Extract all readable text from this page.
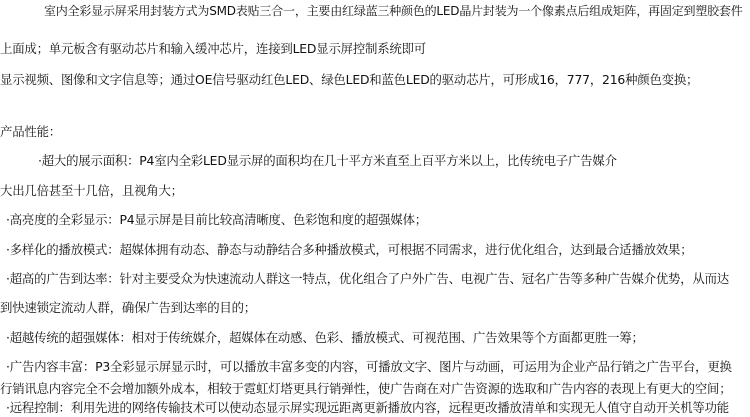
室内全彩显示屏采用封装方式为SMD表贴三合一，主要由红绿蓝三种颜色的LED晶片封装为一个像素点后组成矩阵，再固定到塑胶套件
上面成；单元板含有驱动芯片和输入缓冲芯片，连接到LED显示屏控制系统即可
显示视频、图像和文字信息等；通过OE信号驱动红色LED、绿色LED和蓝色LED的驱动芯片，可形成16，777，216种颜色变换；
产品性能：
·超大的展示面积：P4室内全彩LED显示屏的面积均在几十平方米直至上百平方米以上，比传统电子广告媒介
大出几倍甚至十几倍，且视角大；
·高亮度的全彩显示：P4显示屏是目前比较高清晰度、色彩饱和度的超强媒体；
·多样化的播放模式：超媒体拥有动态、静态与动静结合多种播放模式，可根据不同需求，进行优化组合，达到最合适播放效果；
·超高的广告到达率：针对主要受众为快速流动人群这一特点，优化组合了户外广告、电视广告、冠名广告等多种广告媒介优势，从而达
到快速锁定流动人群，确保广告到达率的目的；
·超越传统的超强媒体：相对于传统媒介，超媒体在动感、色彩、播放模式、可视范围、广告效果等个方面都更胜一筹；
·广告内容丰富：P3全彩显示屏显示时，可以播放丰富多变的内容，可播放文字、图片与动画，可运用为企业产品行销之广告平台，更换
行销讯息内容完全不会增加额外成本，相较于霓虹灯塔更具行销弹性，使广告商在对广告资源的选取和广告内容的表现上有更大的空间；
·远程控制：利用先进的网络传输技术可以使动态显示屏实现远距离更新播放内容，远程更改播放清单和实现无人值守自动开关机等功能
